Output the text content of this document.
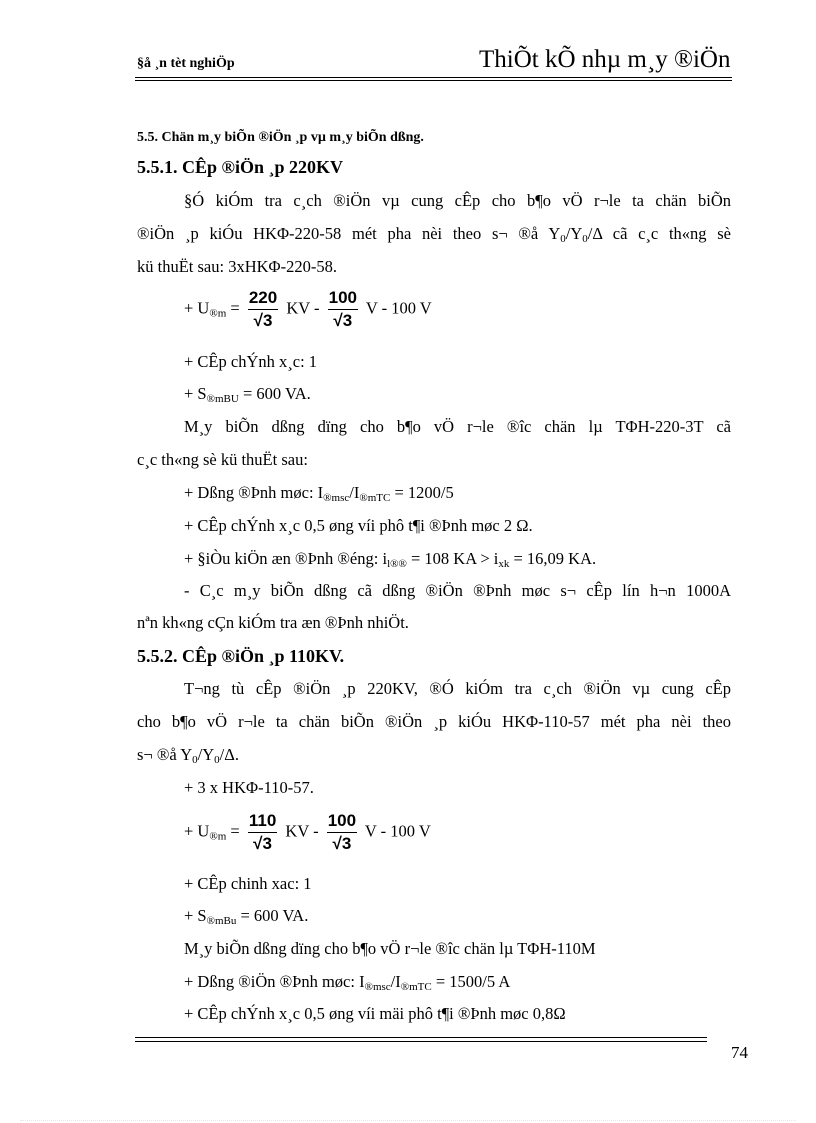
§å ¸n tèt nghiÖp	ThiÕt kÕ nhµ m¸y ®iÖn
5.5. Chän m¸y biÕn ®iÖn ¸p vµ m¸y biÕn dßng.
5.5.1. CÊp ®iÖn ¸p 220KV
§Ó kiÓm tra c¸ch ®iÖn vµ cung cÊp cho b¶o vÖ r¬le ta chän biÕn
®iÖn ¸p kiÓu HKΦ-220-58 mét pha nèi theo s¬ ®å $Y_0/Y_0/\Delta$ cã c¸c th«ng sè
kü thuËt sau: 3xHKΦ-220-58.
+ $U_{®m} = \frac{220}{√3}$ KV - $\frac{100}{√3}$ V - 100 V
+ CÊp chÝnh x¸c: 1
+ $S_{®mBU} = 600$ VA.
M¸y biÕn dßng dïng cho b¶o vÖ r¬le ®îc chän lµ TΦH-220-3T cã
c¸c th«ng sè kü thuËt sau:
+ Dßng ®Þnh møc: $I_{®msc}/I_{®mTC} = 1200/5$
+ CÊp chÝnh x¸c 0,5 øng víi phô t¶i ®Þnh møc 2 Ω.
+ §iÒu kiÖn æn ®Þnh ®éng: $i_{l®®} = 108$ KA > $i_{xk} = 16,09$ KA.
- C¸c m¸y biÕn dßng cã dßng ®iÖn ®Þnh møc s¬ cÊp lín h¬n 1000A
nªn kh«ng cÇn kiÓm tra æn ®Þnh nhiÖt.
5.5.2. CÊp ®iÖn ¸p 110KV.
T¬ng tù cÊp ®iÖn ¸p 220KV, ®Ó kiÓm tra c¸ch ®iÖn vµ cung cÊp
cho b¶o vÖ r¬le ta chän biÕn ®iÖn ¸p kiÓu HKΦ-110-57 mét pha nèi theo
s¬ ®å $Y_0/Y_0/\Delta$.
+ 3 x HKΦ-110-57.
+ $U_{®m} = \frac{110}{√3}$ KV - $\frac{100}{√3}$ V - 100 V
+ CÊp chinh xac: 1
+ $S_{®mBu} = 600$ VA.
M¸y biÕn dßng dïng cho b¶o vÖ r¬le ®îc chän lµ TΦH-110M
+ Dßng ®iÖn ®Þnh møc: $I_{®msc}/I_{®mTC} = 1500/5$ A
+ CÊp chÝnh x¸c 0,5 øng víi mäi phô t¶i ®Þnh møc 0,8Ω
74
